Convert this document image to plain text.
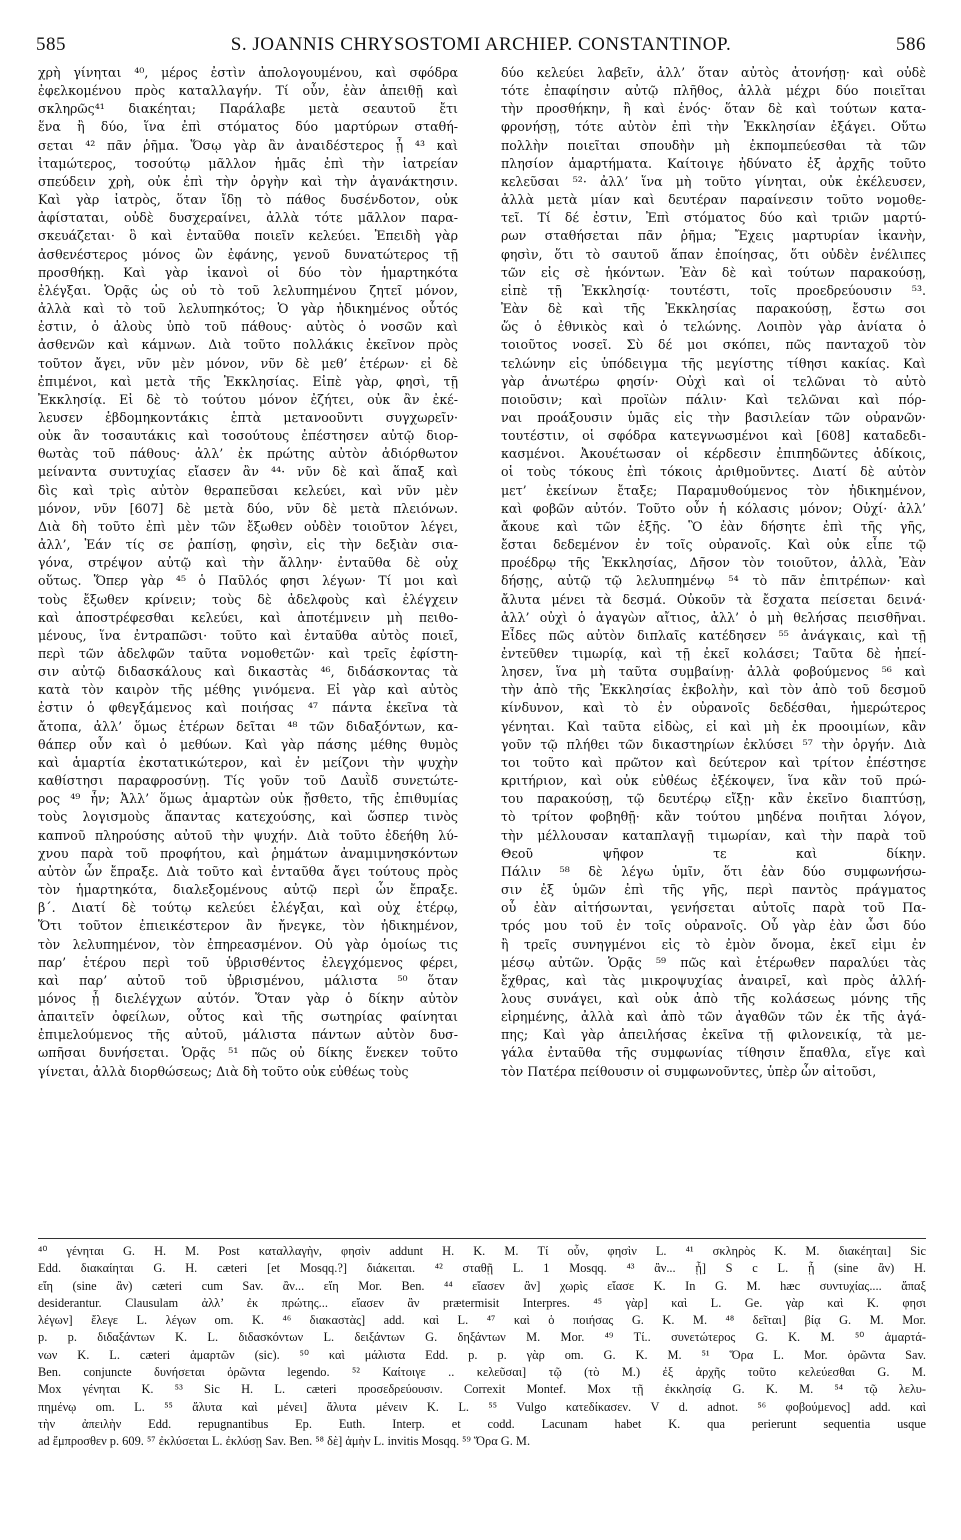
585	S. JOANNIS CHRYSOSTOMI ARCHIEP. CONSTANTINOP.	586
χρὴ γίνηται ⁴⁰, μέρος ἐστὶν ἀπολογουμένου, καὶ σφόδρα
ἐφελκομένου πρὸς καταλλαγήν. Τί οὖν, ἐὰν ἀπειθῇ καὶ
σκληρῶς⁴¹ διακέηται; Παράλαβε μετὰ σεαυτοῦ ἔτι
ἕνα ἢ δύο, ἵνα ἐπὶ στόματος δύο μαρτύρων σταθή-
σεται ⁴² πᾶν ῥῆμα. Ὅσῳ γὰρ ἂν ἀναιδέστερος ᾖ ⁴³ καὶ
ἰταμώτερος, τοσούτῳ μᾶλλον ἡμᾶς ἐπὶ τὴν ἰατρείαν
σπεύδειν χρὴ, οὐκ ἐπὶ τὴν ὀργὴν καὶ τὴν ἀγανάκτησιν.
Καὶ γὰρ ἰατρὸς, ὅταν ἴδῃ τὸ πάθος δυσένδοτον, οὐκ
ἀφίσταται, οὐδὲ δυσχεραίνει, ἀλλὰ τότε μᾶλλον παρα-
σκευάζεται· ὃ καὶ ἐνταῦθα ποιεῖν κελεύει. Ἐπειδὴ γὰρ
ἀσθενέστερος μόνος ὢν ἐφάνης, γενοῦ δυνατώτερος τῇ
προσθήκῃ. Καὶ γὰρ ἱκανοὶ οἱ δύο τὸν ἡμαρτηκότα
ἐλέγξαι. Ὁρᾷς ὡς οὐ τὸ τοῦ λελυπημένου ζητεῖ μόνον,
ἀλλὰ καὶ τὸ τοῦ λελυπηκότος; Ὁ γὰρ ἠδικημένος οὗτός
ἐστιν, ὁ ἁλοὺς ὑπὸ τοῦ πάθους· αὐτὸς ὁ νοσῶν καὶ
ἀσθενῶν καὶ κάμνων. Διὰ τοῦτο πολλάκις ἐκεῖνον πρὸς
τοῦτον ἄγει, νῦν μὲν μόνον, νῦν δὲ μεθ’ ἑτέρων· εἰ δὲ
ἐπιμένοι, καὶ μετὰ τῆς Ἐκκλησίας. Εἰπὲ γὰρ, φησὶ, τῇ
Ἐκκλησίᾳ. Εἰ δὲ τὸ τούτου μόνον ἐζήτει, οὐκ ἂν ἐκέ-
λευσεν ἑβδομηκοντάκις ἑπτὰ μετανοοῦντι συγχωρεῖν·
οὐκ ἂν τοσαυτάκις καὶ τοσούτους ἐπέστησεν αὐτῷ διορ-
θωτὰς τοῦ πάθους· ἀλλ’ ἐκ πρώτης αὐτὸν ἀδιόρθωτον
μείναντα συντυχίας εἴασεν ἂν ⁴⁴· νῦν δὲ καὶ ἅπαξ καὶ
δὶς καὶ τρὶς αὐτὸν θεραπεῦσαι κελεύει, καὶ νῦν μὲν
μόνον, νῦν [607] δὲ μετὰ δύο, νῦν δὲ μετὰ πλειόνων.
Διὰ δὴ τοῦτο ἐπὶ μὲν τῶν ἔξωθεν οὐδὲν τοιοῦτον λέγει,
ἀλλ’, Ἐάν τίς σε ῥαπίσῃ, φησὶν, εἰς τὴν δεξιὰν σια-
γόνα, στρέψον αὐτῷ καὶ τὴν ἄλλην· ἐνταῦθα δὲ οὐχ
οὕτως. Ὅπερ γὰρ ⁴⁵ ὁ Παῦλός φησι λέγων· Τί μοι καὶ
τοὺς ἔξωθεν κρίνειν; τοὺς δὲ ἀδελφοὺς καὶ ἐλέγχειν
καὶ ἀποστρέφεσθαι κελεύει, καὶ ἀποτέμνειν μὴ πειθο-
μένους, ἵνα ἐντραπῶσι· τοῦτο καὶ ἐνταῦθα αὐτὸς ποιεῖ,
περὶ τῶν ἀδελφῶν ταῦτα νομοθετῶν· καὶ τρεῖς ἐφίστη-
σιν αὐτῷ διδασκάλους καὶ δικαστὰς ⁴⁶, διδάσκοντας τὰ
κατὰ τὸν καιρὸν τῆς μέθης γινόμενα. Εἰ γὰρ καὶ αὐτὸς
ἐστιν ὁ φθεγξάμενος καὶ ποιήσας ⁴⁷ πάντα ἐκεῖνα τὰ
ἄτοπα, ἀλλ’ ὅμως ἑτέρων δεῖται ⁴⁸ τῶν διδαξόντων, κα-
θάπερ οὖν καὶ ὁ μεθύων. Καὶ γὰρ πάσης μέθης θυμὸς
καὶ ἁμαρτία ἐκστατικώτερον, καὶ ἐν μείζονι τὴν ψυχὴν
καθίστησι παραφροσύνῃ. Τίς γοῦν τοῦ Δαυῒδ συνετώτε-
ρος ⁴⁹ ἦν; Ἀλλ’ ὅμως ἁμαρτὼν οὐκ ᾔσθετο, τῆς ἐπιθυμίας
τοὺς λογισμοὺς ἅπαντας κατεχούσης, καὶ ὥσπερ τινὸς
καπνοῦ πληρούσης αὐτοῦ τὴν ψυχήν. Διὰ τοῦτο ἐδεήθη λύ-
χνου παρὰ τοῦ προφήτου, καὶ ῥημάτων ἀναμιμνησκόντων
αὐτὸν ὧν ἔπραξε. Διὰ τοῦτο καὶ ἐνταῦθα ἄγει τούτους πρὸς
τὸν ἡμαρτηκότα, διαλεξομένους αὐτῷ περὶ ὧν ἔπραξε.
β΄. Διατί δὲ τούτῳ κελεύει ἐλέγξαι, καὶ οὐχ ἑτέρῳ,
Ὅτι τοῦτον ἐπιεικέστερον ἂν ἤνεγκε, τὸν ἠδικημένον,
τὸν λελυπημένον, τὸν ἐπηρεασμένον. Οὐ γὰρ ὁμοίως τις
παρ’ ἑτέρου περὶ τοῦ ὑβρισθέντος ἐλεγχόμενος φέρει,
καὶ παρ’ αὐτοῦ τοῦ ὑβρισμένου, μάλιστα ⁵⁰ ὅταν
μόνος ᾖ διελέγχων αὐτόν. Ὅταν γὰρ ὁ δίκην αὐτὸν
ἀπαιτεῖν ὀφείλων, οὗτος καὶ τῆς σωτηρίας φαίνηται
ἐπιμελούμενος τῆς αὐτοῦ, μάλιστα πάντων αὐτὸν δυσ-
ωπῆσαι δυνήσεται. Ὁρᾷς ⁵¹ πῶς οὐ δίκης ἕνεκεν τοῦτο
γίνεται, ἀλλὰ διορθώσεως; Διὰ δὴ τοῦτο οὐκ εὐθέως τοὺς
δύο κελεύει λαβεῖν, ἀλλ’ ὅταν αὐτὸς ἀτονήσῃ· καὶ οὐδὲ
τότε ἐπαφίησιν αὐτῷ πλῆθος, ἀλλὰ μέχρι δύο ποιεῖται
τὴν προσθήκην, ἢ καὶ ἑνός· ὅταν δὲ καὶ τούτων κατα-
φρονήσῃ, τότε αὐτὸν ἐπὶ τὴν Ἐκκλησίαν ἐξάγει. Οὕτω
πολλὴν ποιεῖται σπουδὴν μὴ ἐκπομπεύεσθαι τὰ τῶν
πλησίον ἁμαρτήματα. Καίτοιγε ἠδύνατο ἐξ ἀρχῆς τοῦτο
κελεῦσαι ⁵²· ἀλλ’ ἵνα μὴ τοῦτο γίνηται, οὐκ ἐκέλευσεν,
ἀλλὰ μετὰ μίαν καὶ δευτέραν παραίνεσιν τοῦτο νομοθε-
τεῖ. Τί δέ ἐστιν, Ἐπὶ στόματος δύο καὶ τριῶν μαρτύ-
ρων σταθήσεται πᾶν ῥῆμα; Ἔχεις μαρτυρίαν ἱκανὴν,
φησὶν, ὅτι τὸ σαυτοῦ ἅπαν ἐποίησας, ὅτι οὐδὲν ἐνέλιπες
τῶν εἰς σὲ ἡκόντων. Ἐὰν δὲ καὶ τούτων παρακούσῃ,
εἰπὲ τῇ Ἐκκλησίᾳ· τουτέστι, τοῖς προεδρεύουσιν ⁵³.
Ἐὰν δὲ καὶ τῆς Ἐκκλησίας παρακούσῃ, ἔστω σοι
ὥς ὁ ἐθνικὸς καὶ ὁ τελώνης. Λοιπὸν γὰρ ἀνίατα ὁ
τοιοῦτος νοσεῖ. Σὺ δέ μοι σκόπει, πῶς πανταχοῦ τὸν
τελώνην εἰς ὑπόδειγμα τῆς μεγίστης τίθησι κακίας. Καὶ
γὰρ ἀνωτέρω φησίν· Οὐχὶ καὶ οἱ τελῶναι τὸ αὐτὸ
ποιοῦσιν; καὶ προϊὼν πάλιν· Καὶ τελῶναι καὶ πόρ-
ναι προάξουσιν ὑμᾶς εἰς τὴν βασιλείαν τῶν οὐρανῶν·
τουτέστιν, οἱ σφόδρα κατεγνωσμένοι καὶ [608] καταδεδι-
κασμένοι. Ἀκουέτωσαν οἱ κέρδεσιν ἐπιπηδῶντες ἀδίκοις,
οἱ τοὺς τόκους ἐπὶ τόκοις ἀριθμοῦντες. Διατί δὲ αὐτὸν
μετ’ ἐκείνων ἔταξε; Παραμυθούμενος τὸν ἠδικημένον,
καὶ φοβῶν αὐτόν. Τοῦτο οὖν ἡ κόλασις μόνον; Οὐχί· ἀλλ’
ἄκουε καὶ τῶν ἑξῆς. Ὃ ἐὰν δήσητε ἐπὶ τῆς γῆς,
ἔσται δεδεμένον ἐν τοῖς οὐρανοῖς. Καὶ οὐκ εἶπε τῷ
προέδρῳ τῆς Ἐκκλησίας, Δῆσον τὸν τοιοῦτον, ἀλλὰ, Ἐὰν
δήσῃς, αὐτῷ τῷ λελυπημένῳ ⁵⁴ τὸ πᾶν ἐπιτρέπων· καὶ
ἄλυτα μένει τὰ δεσμά. Οὐκοῦν τὰ ἔσχατα πείσεται δεινά·
ἀλλ’ οὐχὶ ὁ ἀγαγὼν αἴτιος, ἀλλ’ ὁ μὴ θελήσας πεισθῆναι.
Εἶδες πῶς αὐτὸν διπλαῖς κατέδησεν ⁵⁵ ἀνάγκαις, καὶ τῇ
ἐντεῦθεν τιμωρίᾳ, καὶ τῇ ἐκεῖ κολάσει; Ταῦτα δὲ ἠπεί-
λησεν, ἵνα μὴ ταῦτα συμβαίνῃ· ἀλλὰ φοβούμενος ⁵⁶ καὶ
τὴν ἀπὸ τῆς Ἐκκλησίας ἐκβολὴν, καὶ τὸν ἀπὸ τοῦ δεσμοῦ
κίνδυνον, καὶ τὸ ἐν οὐρανοῖς δεδέσθαι, ἡμερώτερος
γένηται. Καὶ ταῦτα εἰδὼς, εἰ καὶ μὴ ἐκ προοιμίων, κἂν
γοῦν τῷ πλήθει τῶν δικαστηρίων ἐκλύσει ⁵⁷ τὴν ὀργήν. Διὰ
τοι τοῦτο καὶ πρῶτον καὶ δεύτερον καὶ τρίτον ἐπέστησε
κριτήριον, καὶ οὐκ εὐθέως ἐξέκοψεν, ἵνα κἂν τοῦ πρώ-
του παρακούσῃ, τῷ δευτέρῳ εἴξῃ· κἂν ἐκεῖνο διαπτύσῃ,
τὸ τρίτον φοβηθῇ· κἂν τούτου μηδένα ποιῆται λόγον,
τὴν μέλλουσαν καταπλαγῇ τιμωρίαν, καὶ τὴν παρὰ τοῦ
Θεοῦ ψῆφον τε καὶ δίκην.
Πάλιν ⁵⁸ δὲ λέγω ὑμῖν, ὅτι ἐὰν δύο συμφωνήσω-
σιν ἐξ ὑμῶν ἐπὶ τῆς γῆς, περὶ παντὸς πράγματος
οὗ ἐὰν αἰτήσωνται, γενήσεται αὐτοῖς παρὰ τοῦ Πα-
τρός μου τοῦ ἐν τοῖς οὐρανοῖς. Οὗ γὰρ ἐὰν ὦσι δύο
ἢ τρεῖς συνηγμένοι εἰς τὸ ἐμὸν ὄνομα, ἐκεῖ εἰμι ἐν
μέσῳ αὐτῶν. Ὁρᾷς ⁵⁹ πῶς καὶ ἑτέρωθεν παραλύει τὰς
ἔχθρας, καὶ τὰς μικροψυχίας ἀναιρεῖ, καὶ πρὸς ἀλλή-
λους συνάγει, καὶ οὐκ ἀπὸ τῆς κολάσεως μόνης τῆς
εἰρημένης, ἀλλὰ καὶ ἀπὸ τῶν ἀγαθῶν τῶν ἐκ τῆς ἀγά-
πης; Καὶ γὰρ ἀπειλήσας ἐκεῖνα τῇ φιλονεικίᾳ, τὰ με-
γάλα ἐνταῦθα τῆς συμφωνίας τίθησιν ἔπαθλα, εἴγε καὶ
τὸν Πατέρα πείθουσιν οἱ συμφωνοῦντες, ὑπὲρ ὧν αἰτοῦσι,
⁴⁰ γένηται G. H. M. Post καταλλαγὴν, φησὶν addunt H. K. M. Τί οὖν, φησὶν L. ⁴¹ σκληρὸς K. M. διακέηται] Sic
Edd. διακαίηται G. H. cæteri [et Mosqq.?] διάκειται. ⁴² σταθῇ L. 1 Mosqq. ⁴³ ἂν... ᾖ] S c L. ᾖ (sine ἂν) H.
εἴη (sine ἂν) cæteri cum Sav. ἂν... εἴη Mor. Ben. ⁴⁴ εἴασεν ἂν] χωρὶς εἴασε K. In G. M. hæc συντυχίας.... ἅπαξ
desiderantur. Clausulam ἀλλ’ ἐκ πρώτης... εἴασεν ἂν prætermisit Interpres. ⁴⁵ γὰρ] καὶ L. Ge. γὰρ καὶ K. φησι
λέγων] ἔλεγε L. λέγων om. K. ⁴⁶ διακαστὰς] add. καὶ L. ⁴⁷ καὶ ὁ ποιήσας G. K. M. ⁴⁸ δεῖται] βίᾳ G. M. Mor.
p. p. διδαξάντων K. L. διδασκόντων L. δειξάντων G. δηξάντων M. Mor. ⁴⁹ Τί.. συνετώτερος G. K. M. ⁵⁰ ἁμαρτά-
νων K. L. cæteri ἁμαρτῶν (sic). ⁵⁰ καὶ μάλιστα Edd. p. p. γὰρ om. G. K. M. ⁵¹ Ὅρα L. Mor. ὁρῶντα Sav.
Ben. conjuncte δυνήσεται ὁρῶντα legendo. ⁵² Καίτοιγε .. κελεῦσαι] τῷ (τὸ M.) ἐξ ἀρχῆς τοῦτο κελεύεσθαι G. M.
Mox γένηται K. ⁵³ Sic H. L. cæteri προσεδρεύουσιν. Correxit Montef. Mox τῇ ἐκκλησίᾳ G. K. M. ⁵⁴ τῷ λελυ-
πημένῳ om. L. ⁵⁵ ἄλυτα καὶ μένει] ἄλυτα μένειν K. L. ⁵⁵ Vulgo κατεδίκασεν. V d. adnot. ⁵⁶ φοβούμενος] add. καὶ
τὴν ἀπειλὴν Edd. repugnantibus Ep. Euth. Interp. et codd. Lacunam habet K. qua perierunt sequentia usque
ad ἔμπροσθεν p. 609. ⁵⁷ ἐκλύσεται L. ἐκλύσῃ Sav. Ben. ⁵⁸ δὲ] ἀμὴν L. invitis Mosqq. ⁵⁹ Ὅρα G. M.
